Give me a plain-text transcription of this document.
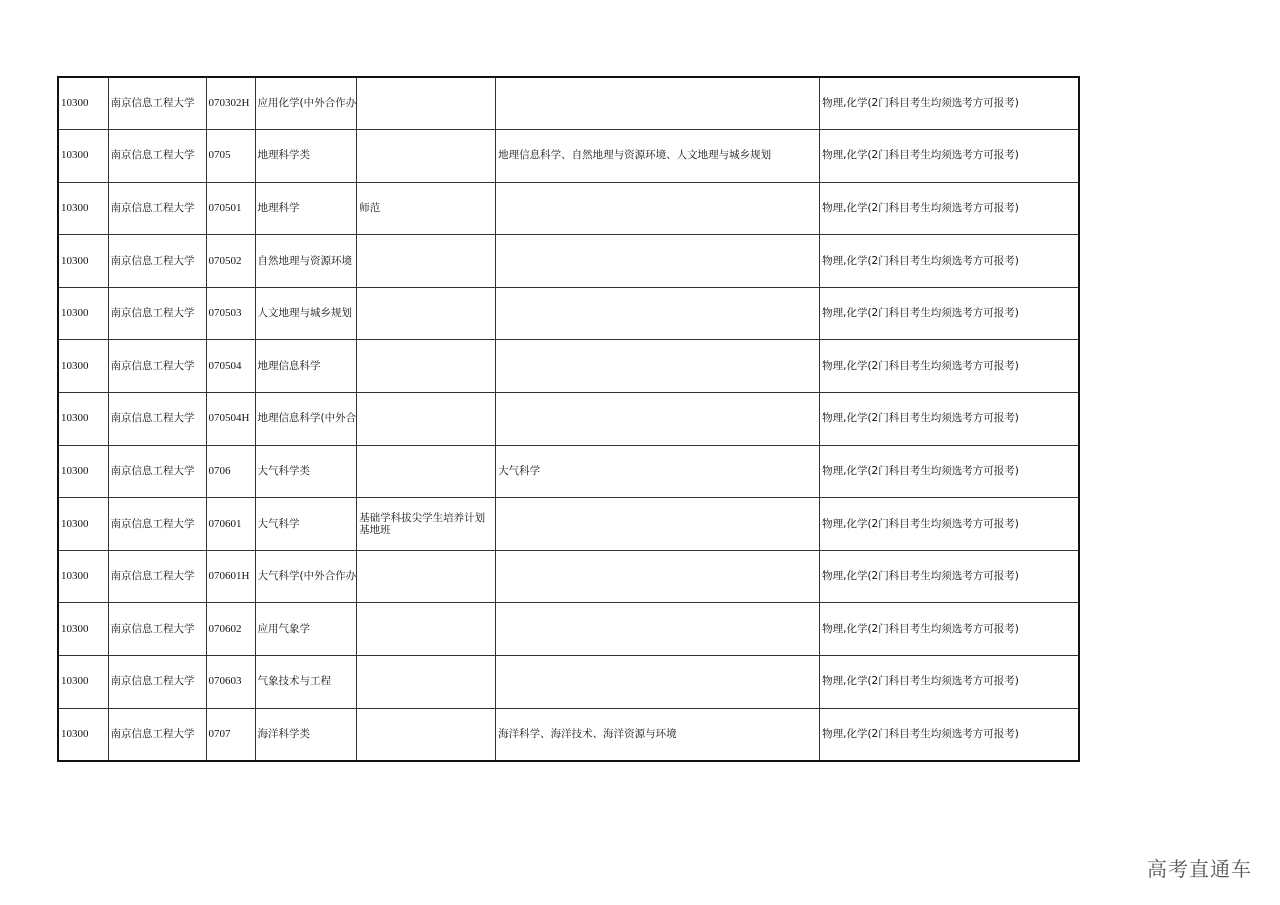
10300	南京信息工程大学	070302H	应用化学(中外合作办			物理,化学(2门科目考生均须选考方可报考)
10300	南京信息工程大学	0705	地理科学类		地理信息科学、自然地理与资源环境、人文地理与城乡规划	物理,化学(2门科目考生均须选考方可报考)
10300	南京信息工程大学	070501	地理科学	师范		物理,化学(2门科目考生均须选考方可报考)
10300	南京信息工程大学	070502	自然地理与资源环境			物理,化学(2门科目考生均须选考方可报考)
10300	南京信息工程大学	070503	人文地理与城乡规划			物理,化学(2门科目考生均须选考方可报考)
10300	南京信息工程大学	070504	地理信息科学			物理,化学(2门科目考生均须选考方可报考)
10300	南京信息工程大学	070504H	地理信息科学(中外合			物理,化学(2门科目考生均须选考方可报考)
10300	南京信息工程大学	0706	大气科学类		大气科学	物理,化学(2门科目考生均须选考方可报考)
10300	南京信息工程大学	070601	大气科学	基础学科拔尖学生培养计划基地班		物理,化学(2门科目考生均须选考方可报考)
10300	南京信息工程大学	070601H	大气科学(中外合作办			物理,化学(2门科目考生均须选考方可报考)
10300	南京信息工程大学	070602	应用气象学			物理,化学(2门科目考生均须选考方可报考)
10300	南京信息工程大学	070603	气象技术与工程			物理,化学(2门科目考生均须选考方可报考)
10300	南京信息工程大学	0707	海洋科学类		海洋科学、海洋技术、海洋资源与环境	物理,化学(2门科目考生均须选考方可报考)
高考直通车
